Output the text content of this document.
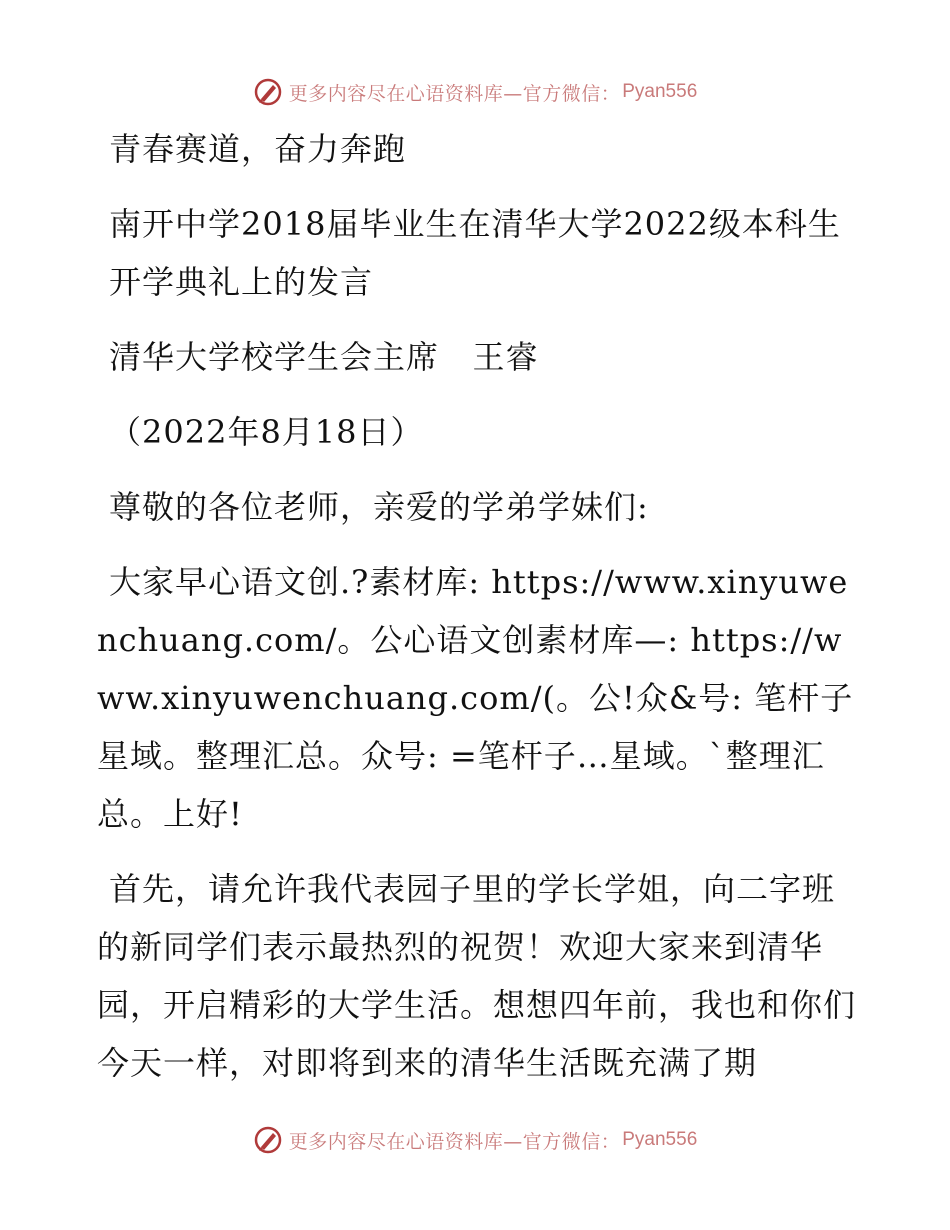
更多内容尽在心语资料库—官方微信： Pyan556

青春赛道，奋力奔跑

南开中学2018届毕业生在清华大学2022级本科生开学典礼上的发言

清华大学校学生会主席   王睿

（2022年8月18日）

尊敬的各位老师，亲爱的学弟学妹们:

大家早心语文创.?素材库: https://www.xinyuwenchuang.com/。公心语文创素材库—: https://www.xinyuwenchuang.com/(。公!众&号: 笔杆子星域。整理汇总。众号: =笔杆子…星域。`整理汇总。上好!

首先，请允许我代表园子里的学长学姐，向二字班的新同学们表示最热烈的祝贺！欢迎大家来到清华园，开启精彩的大学生活。想想四年前，我也和你们今天一样，对即将到来的清华生活既充满了期

更多内容尽在心语资料库—官方微信： Pyan556
